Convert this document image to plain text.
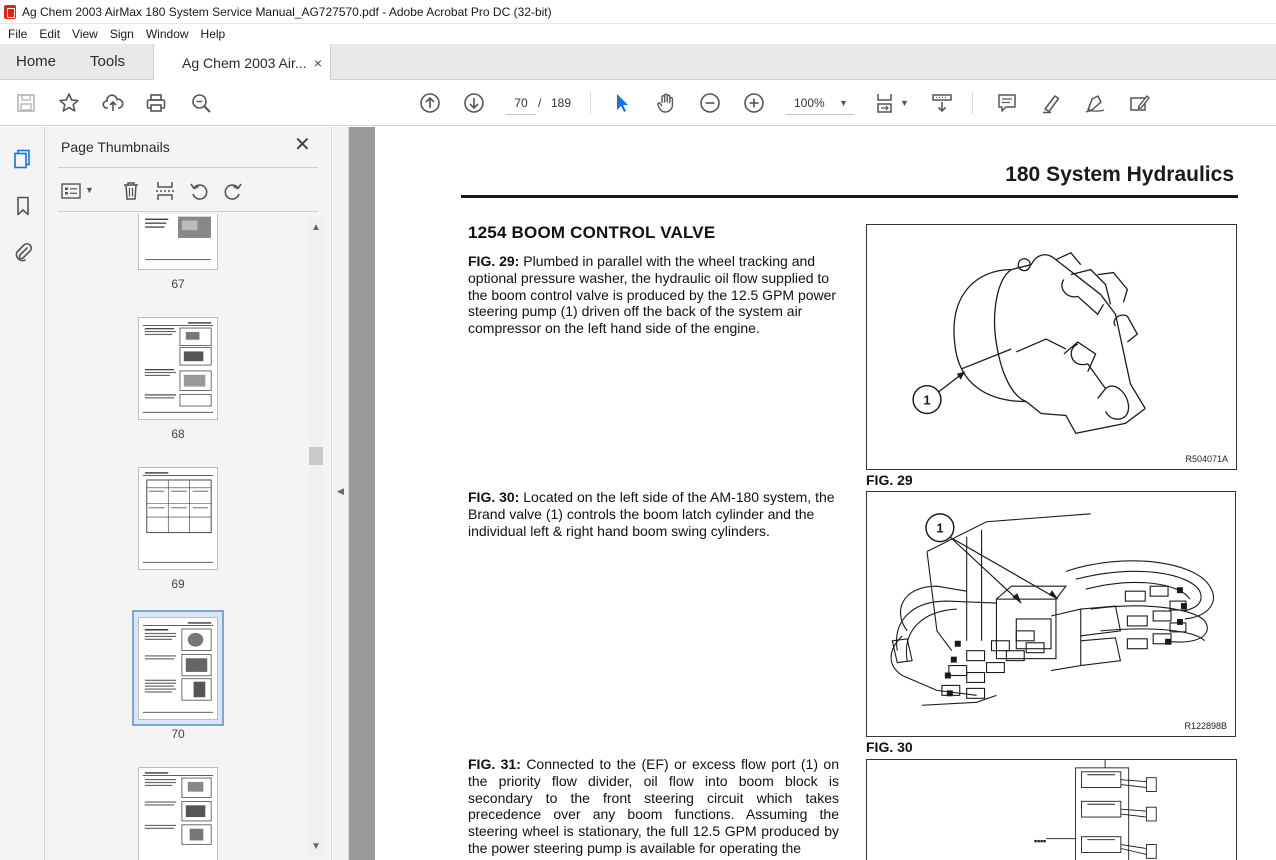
Ag Chem 2003 AirMax 180 System Service Manual_AG727570.pdf - Adobe Acrobat Pro DC (32-bit)
File	Edit	View	Sign	Window	Help
Home	Tools	Ag Chem 2003 Air... ×
70 / 189	100% ▼	▼
Page Thumbnails	✕
▼
67
68
69
70
▲
▼
◀
180 System Hydraulics
1254 BOOM CONTROL VALVE
FIG. 29: Plumbed in parallel with the wheel tracking and optional pressure washer, the hydraulic oil flow supplied to the boom control valve is produced by the 12.5 GPM power steering pump (1) driven off the back of the system air compressor on the left hand side of the engine.
FIG. 30: Located on the left side of the AM-180 system, the Brand valve (1) controls the boom latch cylinder and the individual left & right hand boom swing cylinders.
FIG. 31: Connected to the (EF) or excess flow port (1) on the priority flow divider, oil flow into boom block is secondary to the front steering circuit which takes precedence over any boom functions. Assuming the steering wheel is stationary, the full 12.5 GPM produced by the power steering pump is available for operating the
1
R504071A
FIG. 29
1
R122898B
FIG. 30
■■■■
